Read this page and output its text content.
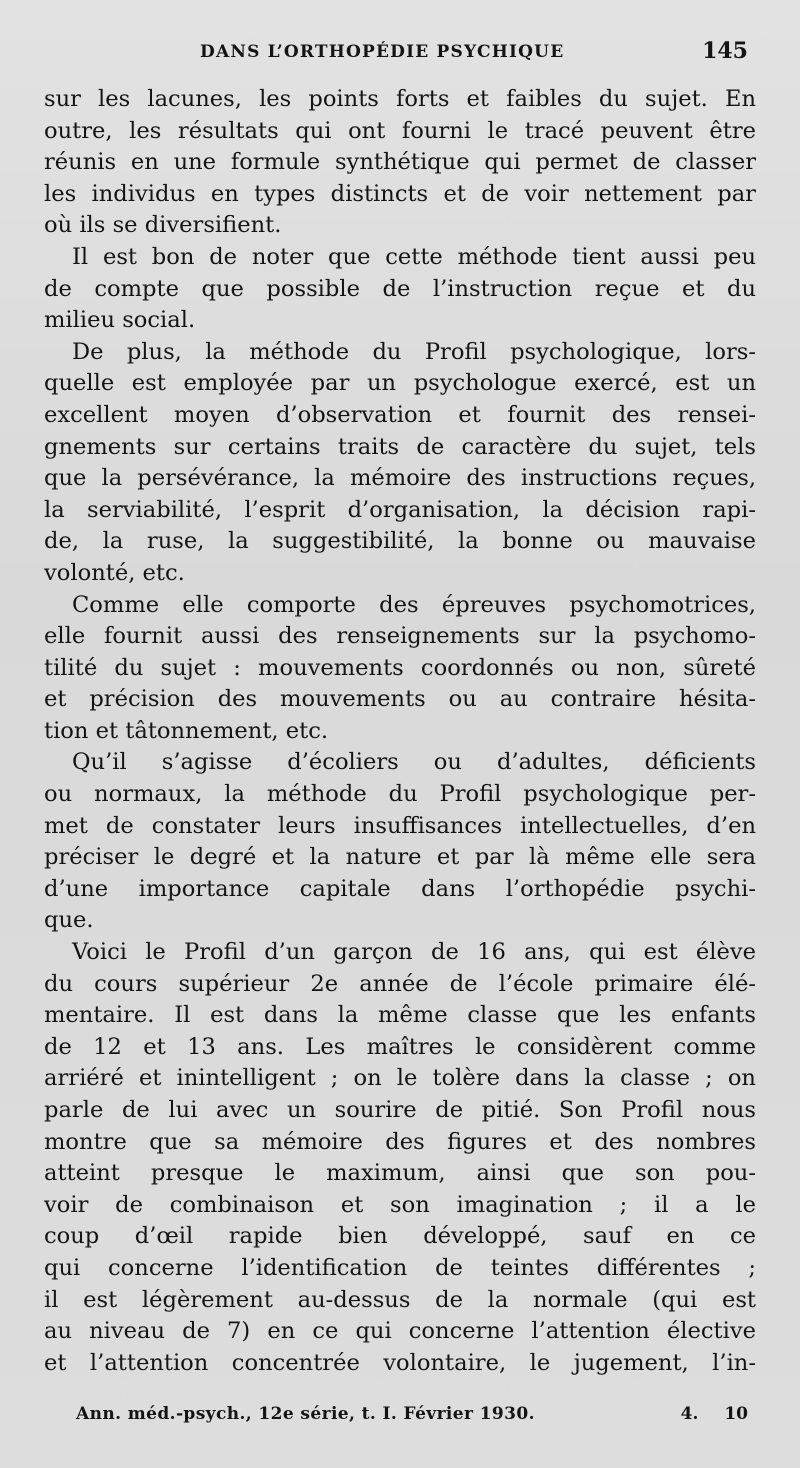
DANS L’ORTHOPÉDIE PSYCHIQUE	145
sur les lacunes, les points forts et faibles du sujet. En
outre, les résultats qui ont fourni le tracé peuvent être
réunis en une formule synthétique qui permet de classer
les individus en types distincts et de voir nettement par
où ils se diversifient.
Il est bon de noter que cette méthode tient aussi peu
de compte que possible de l’instruction reçue et du
milieu social.
De plus, la méthode du Profil psychologique, lors-
quelle est employée par un psychologue exercé, est un
excellent moyen d’observation et fournit des rensei-
gnements sur certains traits de caractère du sujet, tels
que la persévérance, la mémoire des instructions reçues,
la serviabilité, l’esprit d’organisation, la décision rapi-
de, la ruse, la suggestibilité, la bonne ou mauvaise
volonté, etc.
Comme elle comporte des épreuves psychomotrices,
elle fournit aussi des renseignements sur la psychomo-
tilité du sujet : mouvements coordonnés ou non, sûreté
et précision des mouvements ou au contraire hésita-
tion et tâtonnement, etc.
Qu’il s’agisse d’écoliers ou d’adultes, déficients
ou normaux, la méthode du Profil psychologique per-
met de constater leurs insuffisances intellectuelles, d’en
préciser le degré et la nature et par là même elle sera
d’une importance capitale dans l’orthopédie psychi-
que.
Voici le Profil d’un garçon de 16 ans, qui est élève
du cours supérieur 2e année de l’école primaire élé-
mentaire. Il est dans la même classe que les enfants
de 12 et 13 ans. Les maîtres le considèrent comme
arriéré et inintelligent ; on le tolère dans la classe ; on
parle de lui avec un sourire de pitié. Son Profil nous
montre que sa mémoire des figures et des nombres
atteint presque le maximum, ainsi que son pou-
voir de combinaison et son imagination ; il a le
coup d’œil rapide bien développé, sauf en ce
qui concerne l’identification de teintes différentes ;
il est légèrement au-dessus de la normale (qui est
au niveau de 7) en ce qui concerne l’attention élective
et l’attention concentrée volontaire, le jugement, l’in-
Ann. méd.-psych., 12e série, t. I. Février 1930.	4. 10
